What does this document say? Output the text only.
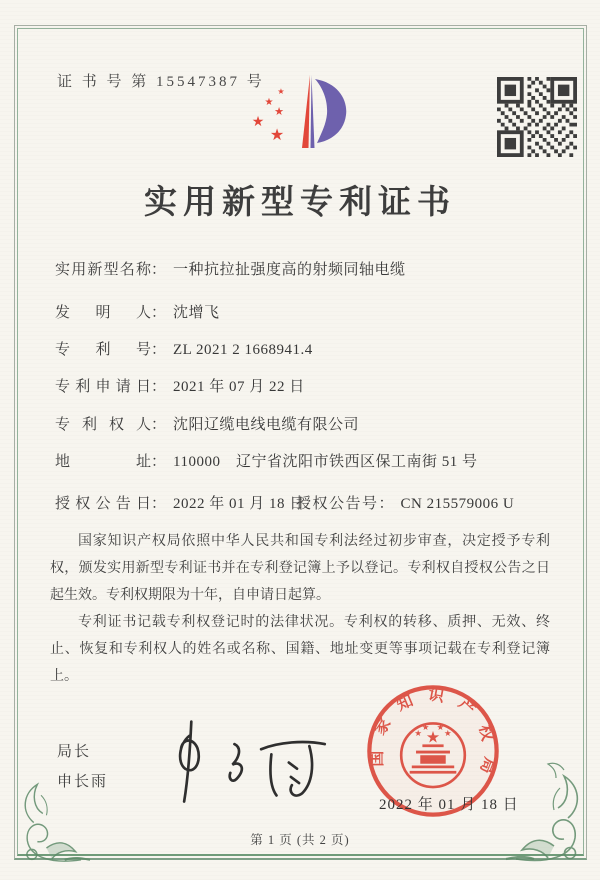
证 书 号 第 15547387 号
★
★
★
★
★
实用新型专利证书
实用新型名称： 一种抗拉扯强度高的射频同轴电缆
发明人： 沈增飞
专利号： ZL 2021 2 1668941.4
专利申请日： 2021 年 07 月 22 日
专利权人： 沈阳辽缆电线电缆有限公司
地址： 110000　辽宁省沈阳市铁西区保工南街 51 号
授权公告日： 2022 年 01 月 18 日
授权公告号： CN 215579006 U

国家知识产权局依照中华人民共和国专利法经过初步审查，决定授予专利权，颁发实用新型专利证书并在专利登记簿上予以登记。专利权自授权公告之日起生效。专利权期限为十年，自申请日起算。

专利证书记载专利权登记时的法律状况。专利权的转移、质押、无效、终止、恢复和专利权人的姓名或名称、国籍、地址变更等事项记载在专利登记簿上。

局长
申长雨
国家知识产权局
★
★
★ ★
★
2022 年 01 月 18 日
第 1 页 (共 2 页)
